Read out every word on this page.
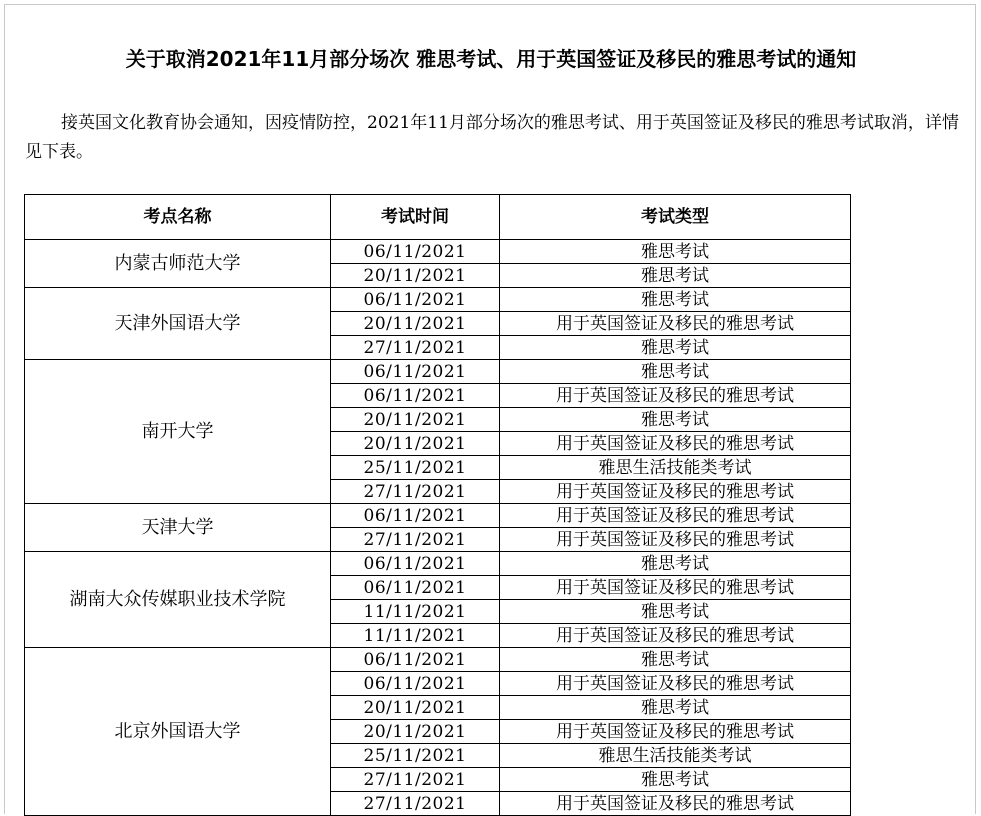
关于取消2021年11月部分场次 雅思考试、用于英国签证及移民的雅思考试的通知
接英国文化教育协会通知，因疫情防控，2021年11月部分场次的雅思考试、用于英国签证及移民的雅思考试取消，详情见下表。
考点名称	考试时间	考试类型
内蒙古师范大学	06/11/2021	雅思考试
	20/11/2021	雅思考试
天津外国语大学	06/11/2021	雅思考试
	20/11/2021	用于英国签证及移民的雅思考试
	27/11/2021	雅思考试
南开大学	06/11/2021	雅思考试
	06/11/2021	用于英国签证及移民的雅思考试
	20/11/2021	雅思考试
	20/11/2021	用于英国签证及移民的雅思考试
	25/11/2021	雅思生活技能类考试
	27/11/2021	用于英国签证及移民的雅思考试
天津大学	06/11/2021	用于英国签证及移民的雅思考试
	27/11/2021	用于英国签证及移民的雅思考试
湖南大众传媒职业技术学院	06/11/2021	雅思考试
	06/11/2021	用于英国签证及移民的雅思考试
	11/11/2021	雅思考试
	11/11/2021	用于英国签证及移民的雅思考试
北京外国语大学	06/11/2021	雅思考试
	06/11/2021	用于英国签证及移民的雅思考试
	20/11/2021	雅思考试
	20/11/2021	用于英国签证及移民的雅思考试
	25/11/2021	雅思生活技能类考试
	27/11/2021	雅思考试
	27/11/2021	用于英国签证及移民的雅思考试
